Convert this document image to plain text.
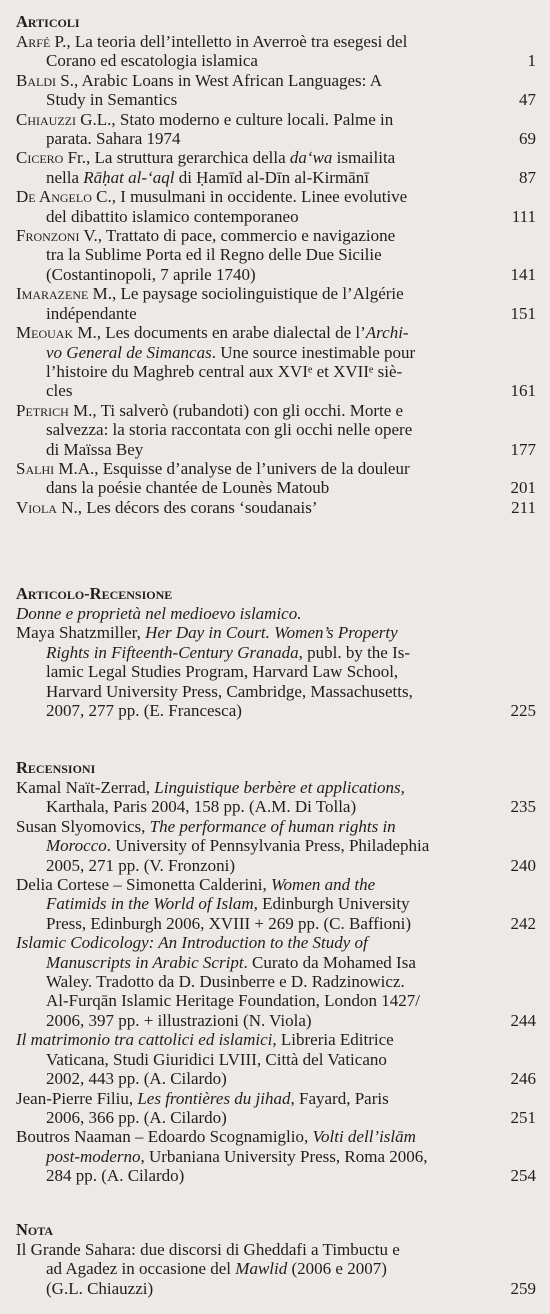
Articoli
Arfé P., La teoria dell’intelletto in Averroè tra esegesi del
Corano ed escatologia islamica	1
Baldi S., Arabic Loans in West African Languages: A
Study in Semantics	47
Chiauzzi G.L., Stato moderno e culture locali. Palme in
parata. Sahara 1974	69
Cicero Fr., La struttura gerarchica della da‘wa ismailita
nella Rāḥat al-‘aql di Ḥamīd al-Dīn al-Kirmānī	87
De Angelo C., I musulmani in occidente. Linee evolutive
del dibattito islamico contemporaneo	111
Fronzoni V., Trattato di pace, commercio e navigazione
tra la Sublime Porta ed il Regno delle Due Sicilie
(Costantinopoli, 7 aprile 1740)	141
Imarazene M., Le paysage sociolinguistique de l’Algérie
indépendante	151
Meouak M., Les documents en arabe dialectal de l’Archi-
vo General de Simancas. Une source inestimable pour
l’histoire du Maghreb central aux XVIᵉ et XVIIᵉ siè-
cles	161
Petrich M., Ti salverò (rubandoti) con gli occhi. Morte e
salvezza: la storia raccontata con gli occhi nelle opere
di Maïssa Bey	177
Salhi M.A., Esquisse d’analyse de l’univers de la douleur
dans la poésie chantée de Lounès Matoub	201
Viola N., Les décors des corans ‘soudanais’	211
Articolo-Recensione
Donne e proprietà nel medioevo islamico.
Maya Shatzmiller, Her Day in Court. Women’s Property
Rights in Fifteenth-Century Granada, publ. by the Is-
lamic Legal Studies Program, Harvard Law School,
Harvard University Press, Cambridge, Massachusetts,
2007, 277 pp. (E. Francesca)	225
Recensioni
Kamal Naït-Zerrad, Linguistique berbère et applications,
Karthala, Paris 2004, 158 pp. (A.M. Di Tolla)	235
Susan Slyomovics, The performance of human rights in
Morocco. University of Pennsylvania Press, Philadephia
2005, 271 pp. (V. Fronzoni)	240
Delia Cortese – Simonetta Calderini, Women and the
Fatimids in the World of Islam, Edinburgh University
Press, Edinburgh 2006, XVIII + 269 pp. (C. Baffioni)	242
Islamic Codicology: An Introduction to the Study of
Manuscripts in Arabic Script. Curato da Mohamed Isa
Waley. Tradotto da D. Dusinberre e D. Radzinowicz.
Al-Furqān Islamic Heritage Foundation, London 1427/
2006, 397 pp. + illustrazioni (N. Viola)	244
Il matrimonio tra cattolici ed islamici, Libreria Editrice
Vaticana, Studi Giuridici LVIII, Città del Vaticano
2002, 443 pp. (A. Cilardo)	246
Jean-Pierre Filiu, Les frontières du jihad, Fayard, Paris
2006, 366 pp. (A. Cilardo)	251
Boutros Naaman – Edoardo Scognamiglio, Volti dell’islām
post-moderno, Urbaniana University Press, Roma 2006,
284 pp. (A. Cilardo)	254
Nota
Il Grande Sahara: due discorsi di Gheddafi a Timbuctu e
ad Agadez in occasione del Mawlid (2006 e 2007)
(G.L. Chiauzzi)	259
